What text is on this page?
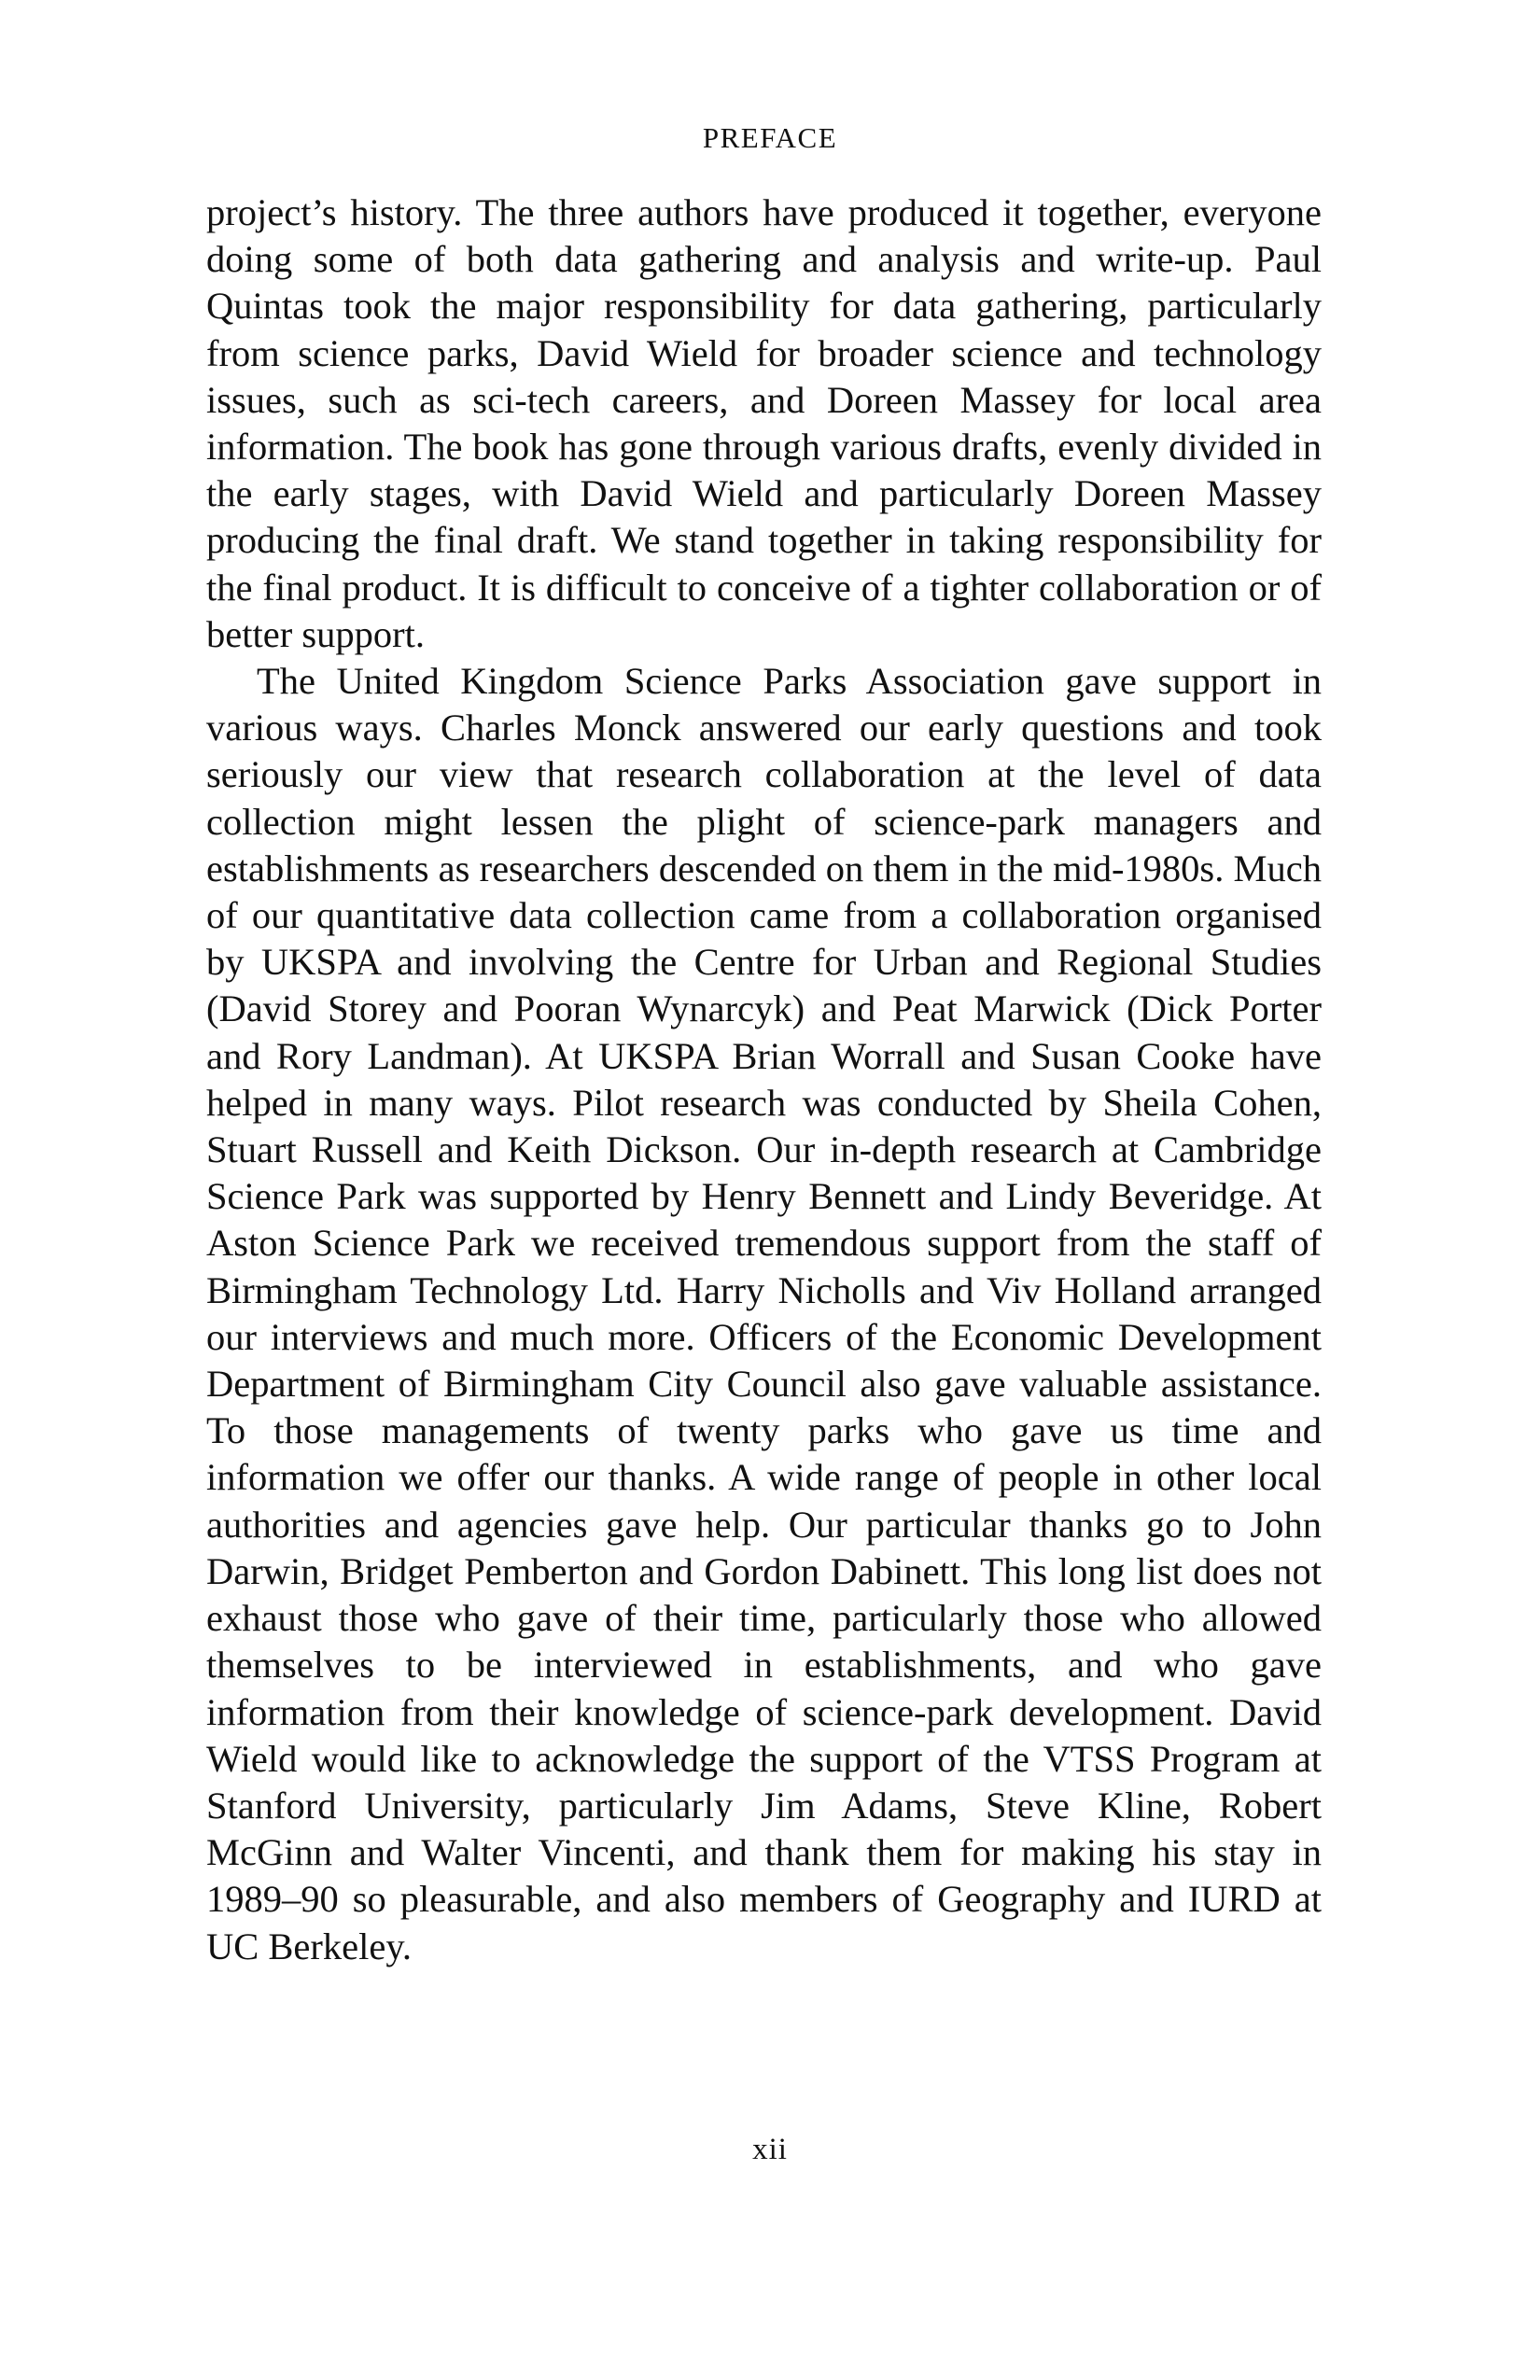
PREFACE

project’s history. The three authors have produced it together, everyone doing some of both data gathering and analysis and write-up. Paul Quintas took the major responsibility for data gathering, particularly from science parks, David Wield for broader science and technology issues, such as sci-tech careers, and Doreen Massey for local area information. The book has gone through various drafts, evenly divided in the early stages, with David Wield and particularly Doreen Massey producing the final draft. We stand together in taking responsibility for the final product. It is difficult to conceive of a tighter collaboration or of better support.

The United Kingdom Science Parks Association gave support in various ways. Charles Monck answered our early questions and took seriously our view that research collaboration at the level of data collection might lessen the plight of science-park managers and establishments as researchers descended on them in the mid-1980s. Much of our quantitative data collection came from a collaboration organised by UKSPA and involving the Centre for Urban and Regional Studies (David Storey and Pooran Wynarcyk) and Peat Marwick (Dick Porter and Rory Landman). At UKSPA Brian Worrall and Susan Cooke have helped in many ways. Pilot research was conducted by Sheila Cohen, Stuart Russell and Keith Dickson. Our in-depth research at Cambridge Science Park was supported by Henry Bennett and Lindy Beveridge. At Aston Science Park we received tremendous support from the staff of Birmingham Technology Ltd. Harry Nicholls and Viv Holland arranged our interviews and much more. Officers of the Economic Development Department of Birmingham City Council also gave valuable assistance. To those managements of twenty parks who gave us time and information we offer our thanks. A wide range of people in other local authorities and agencies gave help. Our particular thanks go to John Darwin, Bridget Pemberton and Gordon Dabinett. This long list does not exhaust those who gave of their time, particularly those who allowed themselves to be interviewed in establishments, and who gave information from their knowledge of science-park development. David Wield would like to acknowledge the support of the VTSS Program at Stanford University, particularly Jim Adams, Steve Kline, Robert McGinn and Walter Vincenti, and thank them for making his stay in 1989–90 so pleasurable, and also members of Geography and IURD at UC Berkeley.

xii
